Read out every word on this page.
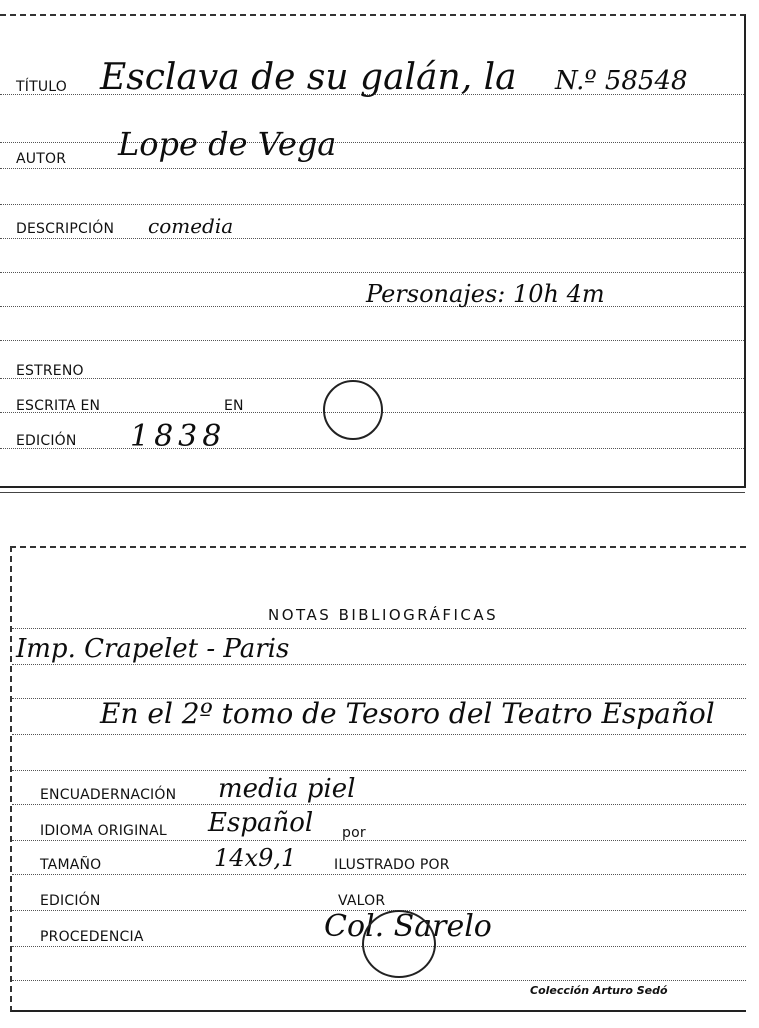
TÍTULO Esclava de su galán, la N.º 58548
AUTOR Lope de Vega
DESCRIPCIÓN comedia
Personajes: 10h 4m
ESTRENO
ESCRITA EN	EN
EDICIÓN 1838
NOTAS BIBLIOGRÁFICAS
Imp. Crapelet - Paris
En el 2º tomo de Tesoro del Teatro Español
ENCUADERNACIÓN media piel
IDIOMA ORIGINAL Español por
TAMAÑO	14x9,1	ILUSTRADO POR
EDICIÓN	VALOR
PROCEDENCIA	Col. Sarelo
Colección Arturo Sedó
